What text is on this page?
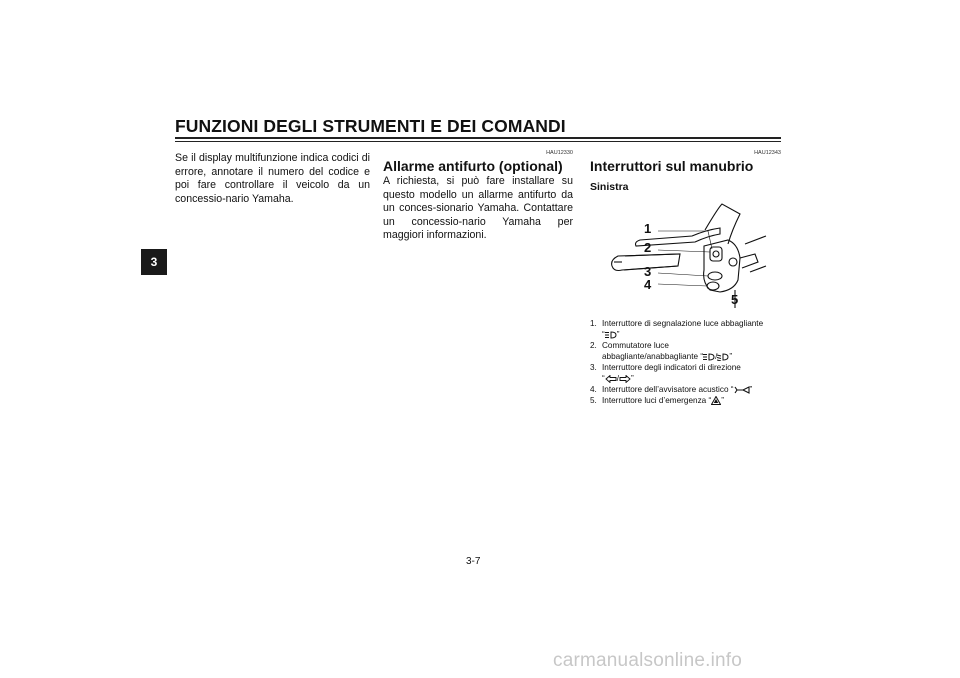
FUNZIONI DEGLI STRUMENTI E DEI COMANDI
3
Se il display multifunzione indica codici di errore, annotare il numero del codice e poi fare controllare il veicolo da un concessio-nario Yamaha.
HAU12330
Allarme antifurto (optional)
A richiesta, si può fare installare su questo modello un allarme antifurto da un conces-sionario Yamaha. Contattare un concessio-nario Yamaha per maggiori informazioni.
HAU12343
Interruttori sul manubrio
Sinistra
1
2
3
4
5
1. Interruttore di segnalazione luce abbagliante
“ ”
2. Commutatore luce
abbagliante/anabbagliante “ / ”
3. Interruttore degli indicatori di direzione
“ / ”
4. Interruttore dell’avvisatore acustico “ ”
5. Interruttore luci d’emergenza “ ”
3-7
carmanualsonline.info
